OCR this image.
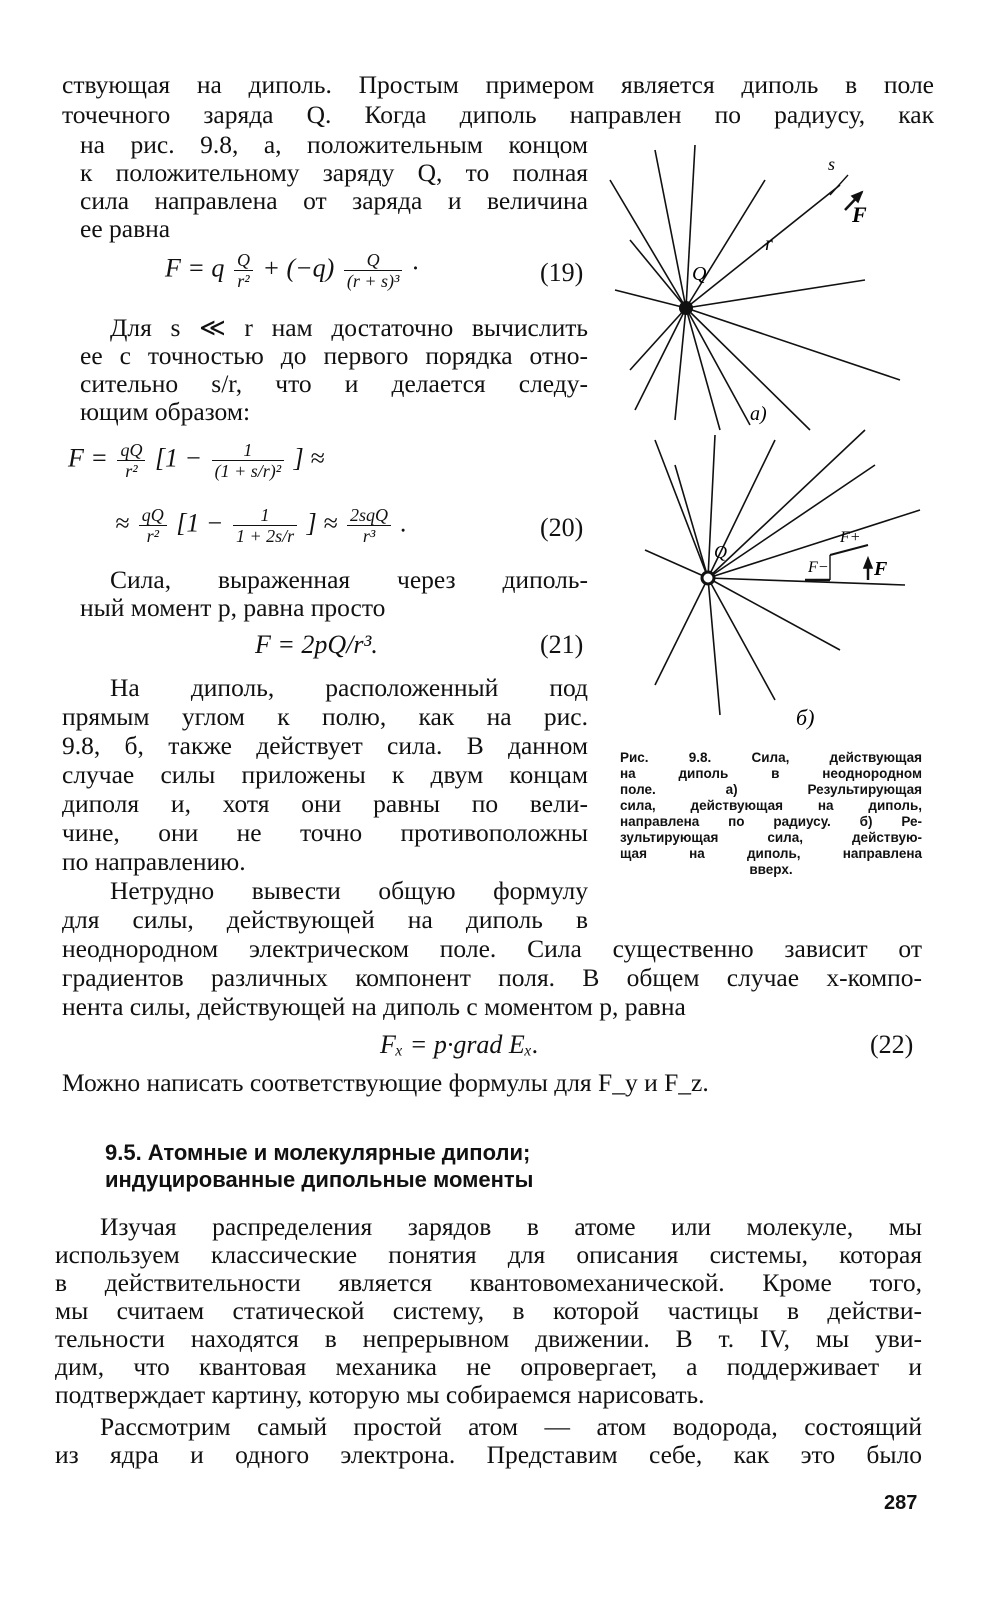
ствующая на диполь. Простым примером является диполь в поле
точечного заряда Q. Когда диполь направлен по радиусу, как
на рис. 9.8, а, положительным концом
к положительному заряду Q, то полная
сила направлена от заряда и величина
ее равна
F = q $\frac{Q}{\text{r²}} + (-q) \frac{Q}{\text{(r + s)³}}$ ·	(19)
Для s ≪ r нам достаточно вычислить
ее с точностью до первого порядка отно-
сительно s/r, что и делается следу-
ющим образом:
$F = \frac{qQ}{\text{r²}} [1 - \frac{1}{\text{(1 + s/r)²}}$ ] ≈
≈ $\frac{qQ}{\text{r²}} [1 - \frac{1}{1 + 2s/r}$ ] ≈ $\frac{\text{2sqQ}}{\text{r³}}$ .	(20)
Сила, выраженная через диполь-
ный момент p, равна просто
F = 2pQ/r³.	(21)
На диполь, расположенный под
прямым углом к полю, как на рис.
9.8, б, также действует сила. В данном
случае силы приложены к двум концам
диполя и, хотя они равны по вели-
чине, они не точно противоположны
по направлению.
Нетрудно вывести общую формулу
для силы, действующей на диполь в
неоднородном электрическом поле. Сила существенно зависит от
градиентов различных компонент поля. В общем случае x-компо-
нента силы, действующей на диполь с моментом p, равна
Fₓ = p·grad Eₓ.	(22)
Можно написать соответствующие формулы для F_y и F_z.
9.5. Атомные и молекулярные диполи;
индуцированные дипольные моменты
Изучая распределения зарядов в атоме или молекуле, мы
используем классические понятия для описания системы, которая
в действительности является квантовомеханической. Кроме того,
мы считаем статической систему, в которой частицы в действи-
тельности находятся в непрерывном движении. В т. IV, мы уви-
дим, что квантовая механика не опровергает, а поддерживает и
подтверждает картину, которую мы собираемся нарисовать.
Рассмотрим самый простой атом — атом водорода, состоящий
из ядра и одного электрона. Представим себе, как это было
287
Q
r
s
F
а)
Q
F+
F− F
б)
Рис. 9.8. Сила, действующая
на диполь в неоднородном
поле. а) Результирующая
сила, действующая на диполь,
направлена по радиусу. б) Ре-
зультирующая сила, действую-
щая на диполь, направлена
вверх.
